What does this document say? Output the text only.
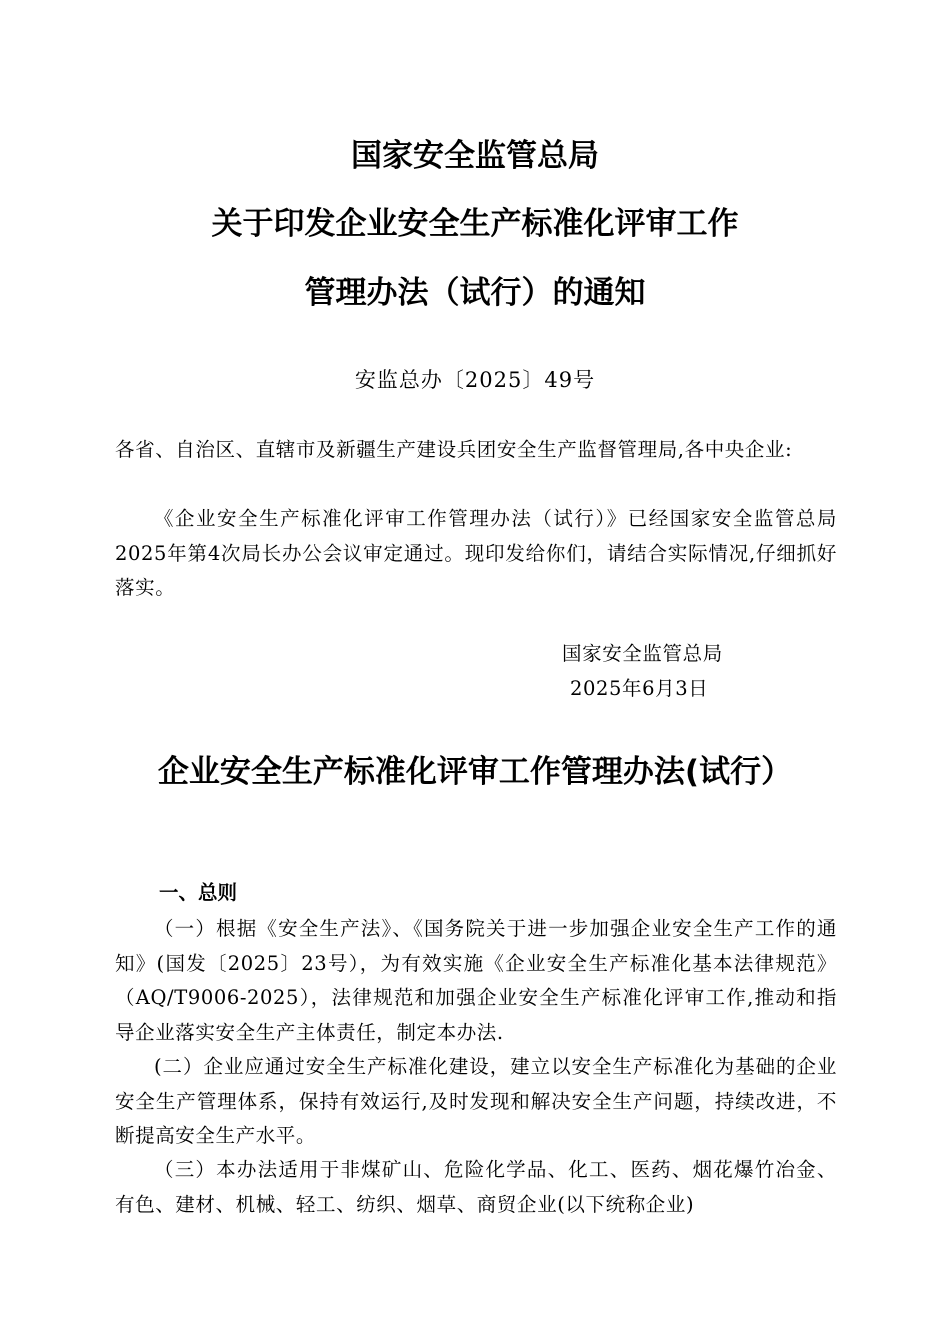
国家安全监管总局
关于印发企业安全生产标准化评审工作
管理办法（试行）的通知
安监总办〔2025〕49号

各省、自治区、直辖市及新疆生产建设兵团安全生产监督管理局,各中央企业:

《企业安全生产标准化评审工作管理办法（试行）》已经国家安全监管总局2025年第4次局长办公会议审定通过。现印发给你们，请结合实际情况,仔细抓好落实。

国家安全监管总局
2025年6月3日
企业安全生产标准化评审工作管理办法(试行）
一、总则

（一）根据《安全生产法》、《国务院关于进一步加强企业安全生产工作的通知》(国发〔2025〕23号），为有效实施《企业安全生产标准化基本法律规范》（AQ/T9006-2025），法律规范和加强企业安全生产标准化评审工作,推动和指导企业落实安全生产主体责任，制定本办法.

(二）企业应通过安全生产标准化建设，建立以安全生产标准化为基础的企业安全生产管理体系，保持有效运行,及时发现和解决安全生产问题，持续改进，不断提高安全生产水平。

（三）本办法适用于非煤矿山、危险化学品、化工、医药、烟花爆竹冶金、有色、建材、机械、轻工、纺织、烟草、商贸企业(以下统称企业)
